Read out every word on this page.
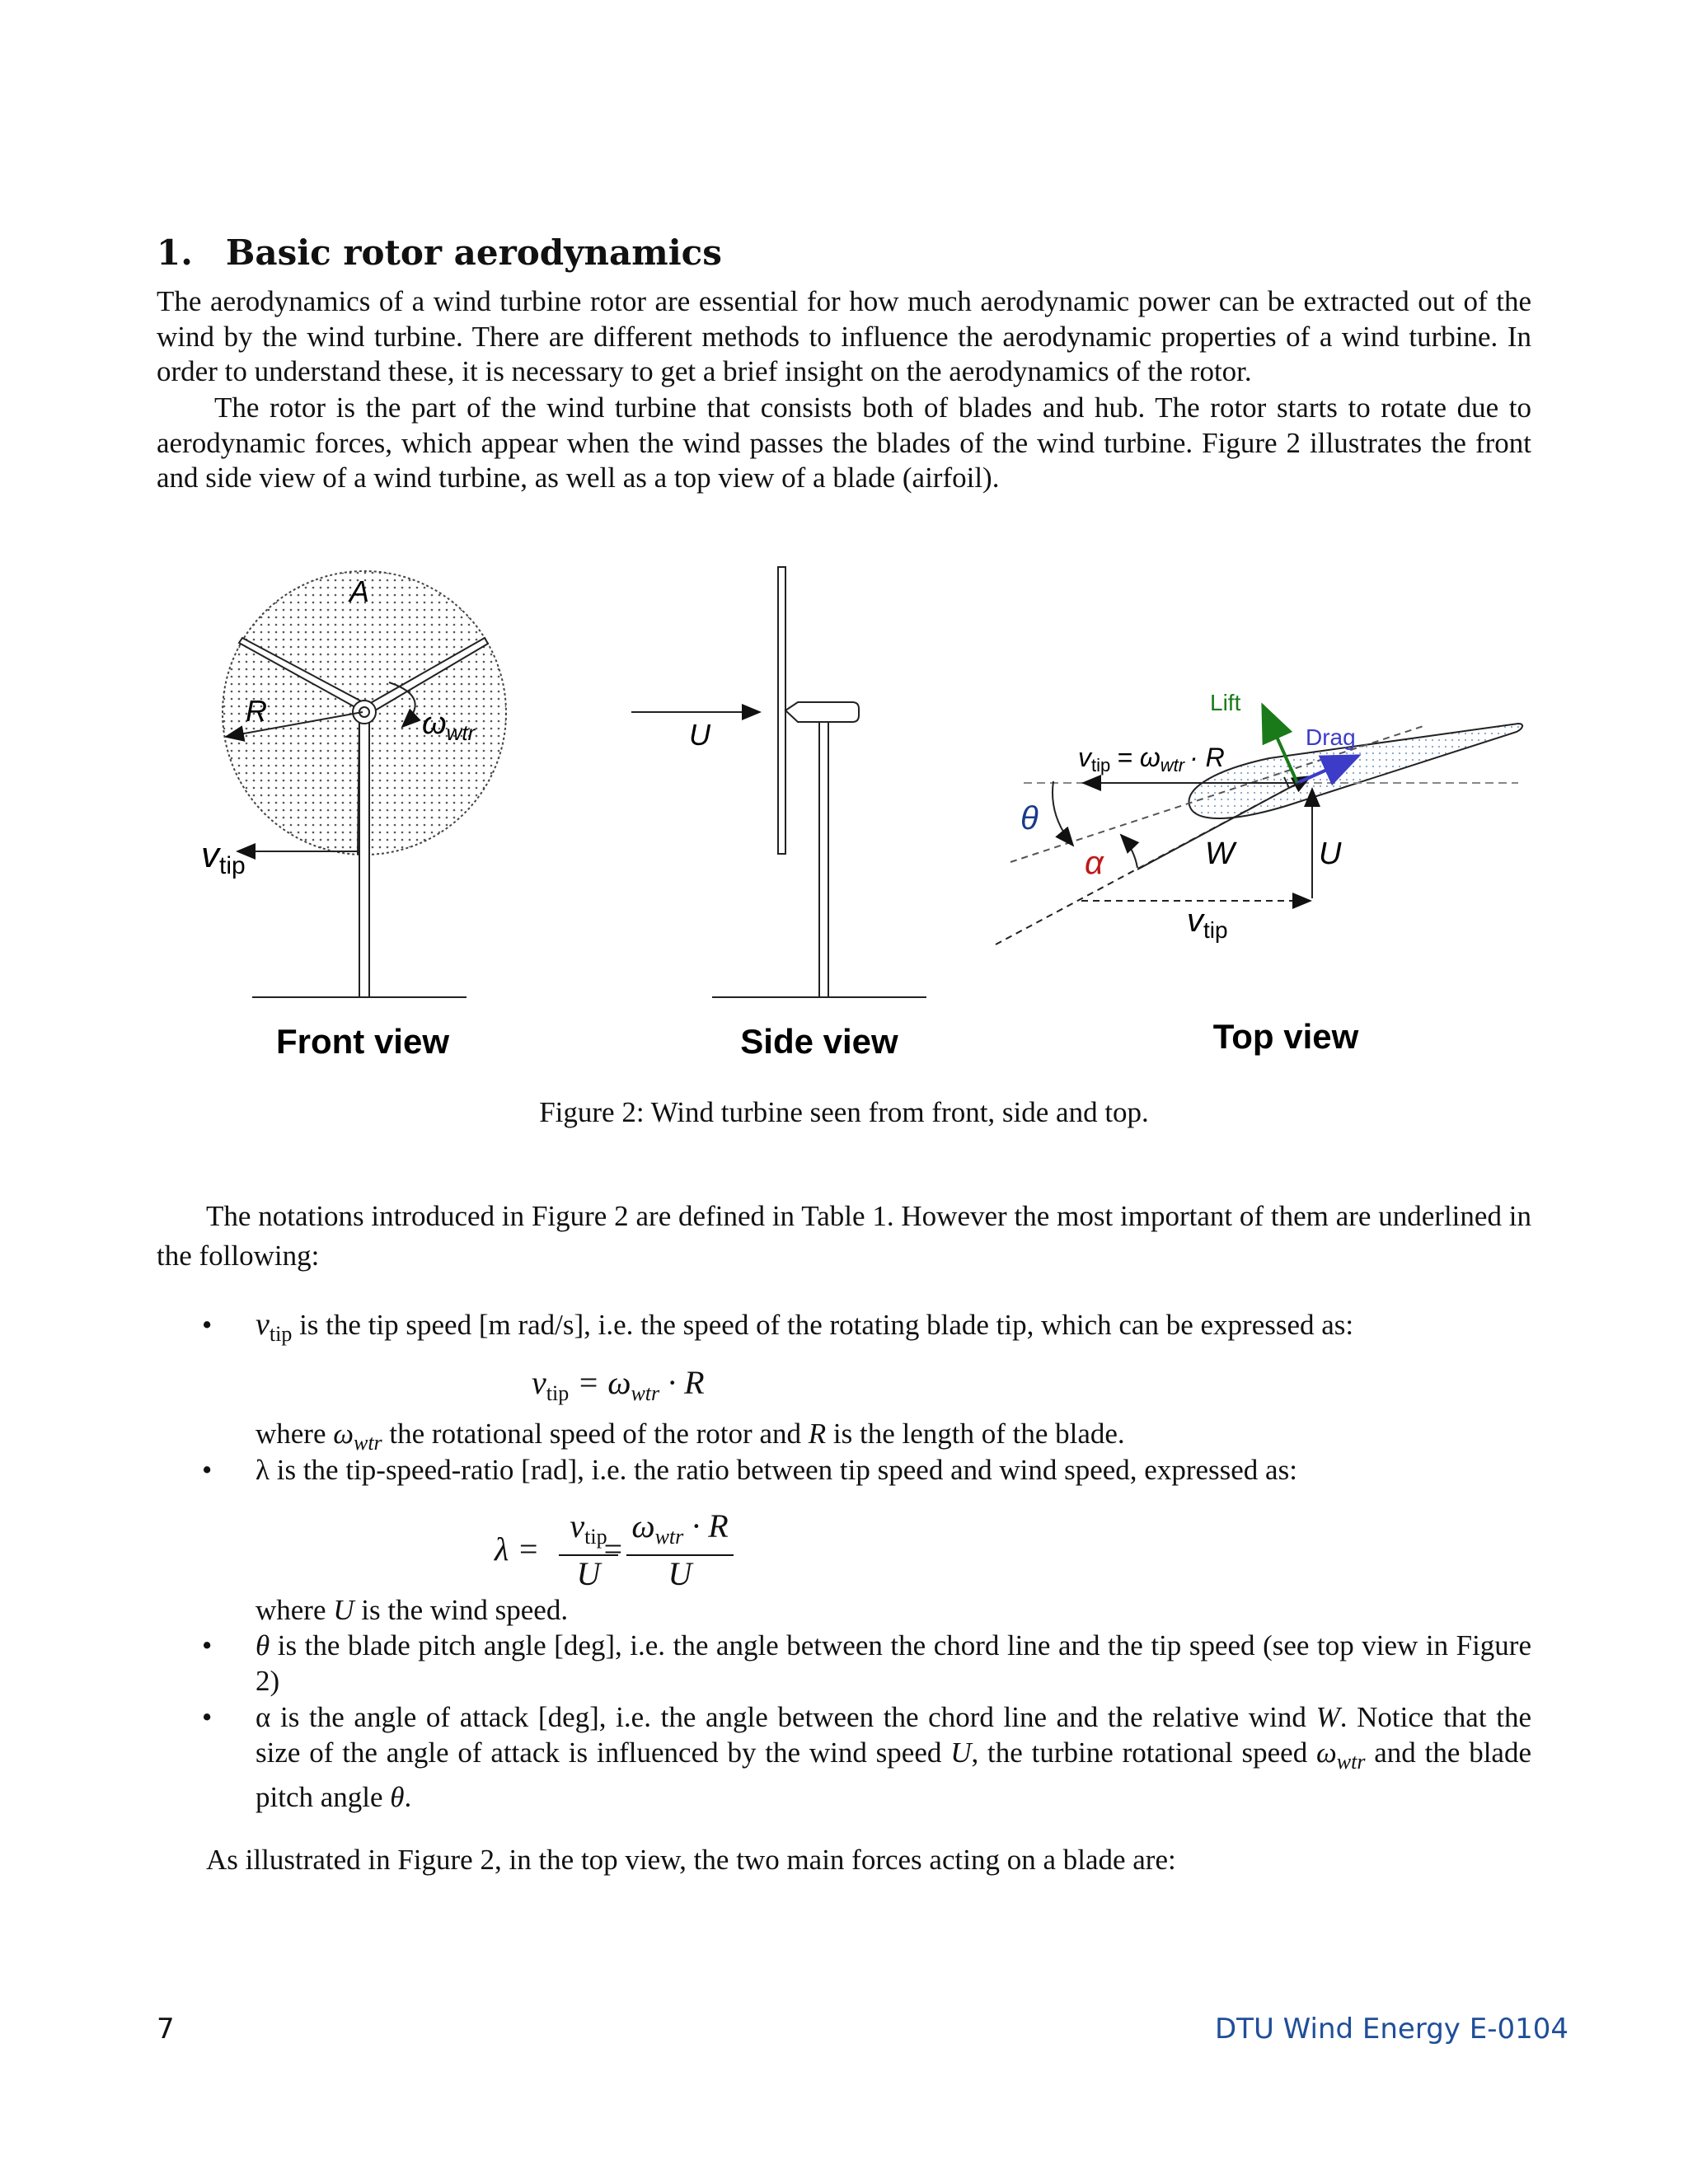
1. Basic rotor aerodynamics

The aerodynamics of a wind turbine rotor are essential for how much aerodynamic power can be extracted out of the wind by the wind turbine. There are different methods to influence the aerodynamic properties of a wind turbine. In order to understand these, it is necessary to get a brief insight on the aerodynamics of the rotor.

The rotor is the part of the wind turbine that consists both of blades and hub. The rotor starts to rotate due to aerodynamic forces, which appear when the wind passes the blades of the wind turbine. Figure 2 illustrates the front and side view of a wind turbine, as well as a top view of a blade (airfoil).

A
R	$\omega_{wtr}$
vtip
Front view
U
Side view
Lift
Drag
θ
α	W	U
$v_{tip}$
vtip = ωwtr · R
Top view
Figure 2: Wind turbine seen from front, side and top.

The notations introduced in Figure 2 are defined in Table 1. However the most important of them are underlined in the following:

• $v_{tip}$ is the tip speed [m rad/s], i.e. the speed of the rotating blade tip, which can be expressed as:
$v_{tip} = \omega_{wtr} \cdot R$
where $\omega_{wtr}$ the rotational speed of the rotor and R is the length of the blade.
• λ is the tip-speed-ratio [rad], i.e. the ratio between tip speed and wind speed, expressed as:
λ =
$v_{tip}$
U
=
$\omega_{wtr} \cdot R$
U
where U is the wind speed.
• θ is the blade pitch angle [deg], i.e. the angle between the chord line and the tip speed (see top view in Figure 2)
• α is the angle of attack [deg], i.e. the angle between the chord line and the relative wind W. Notice that the size of the angle of attack is influenced by the wind speed U, the turbine rotational speed $\omega_{wtr}$ and the blade pitch angle θ.

As illustrated in Figure 2, in the top view, the two main forces acting on a blade are:

7	DTU Wind Energy E-0104
